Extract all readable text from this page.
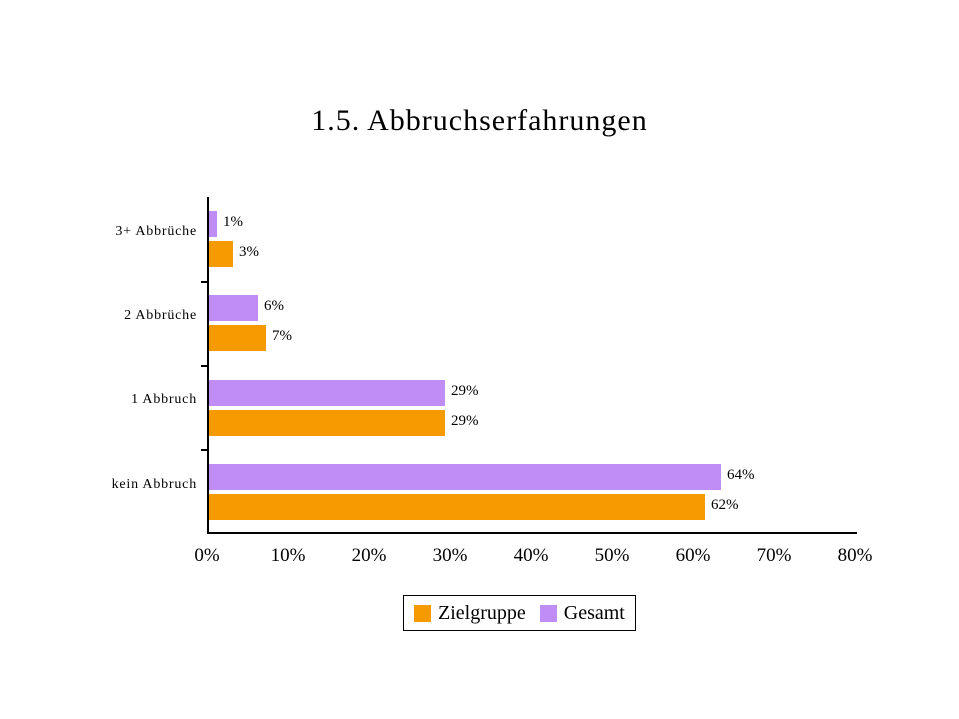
1.5. Abbruchserfahrungen
1%
3%
3+ Abbrüche
6%
7%
2 Abbrüche
29%
29%
1 Abbruch
64%
62%
kein Abbruch
0%	10% 20% 30% 40% 50% 60% 70% 80%
Zielgruppe Gesamt
